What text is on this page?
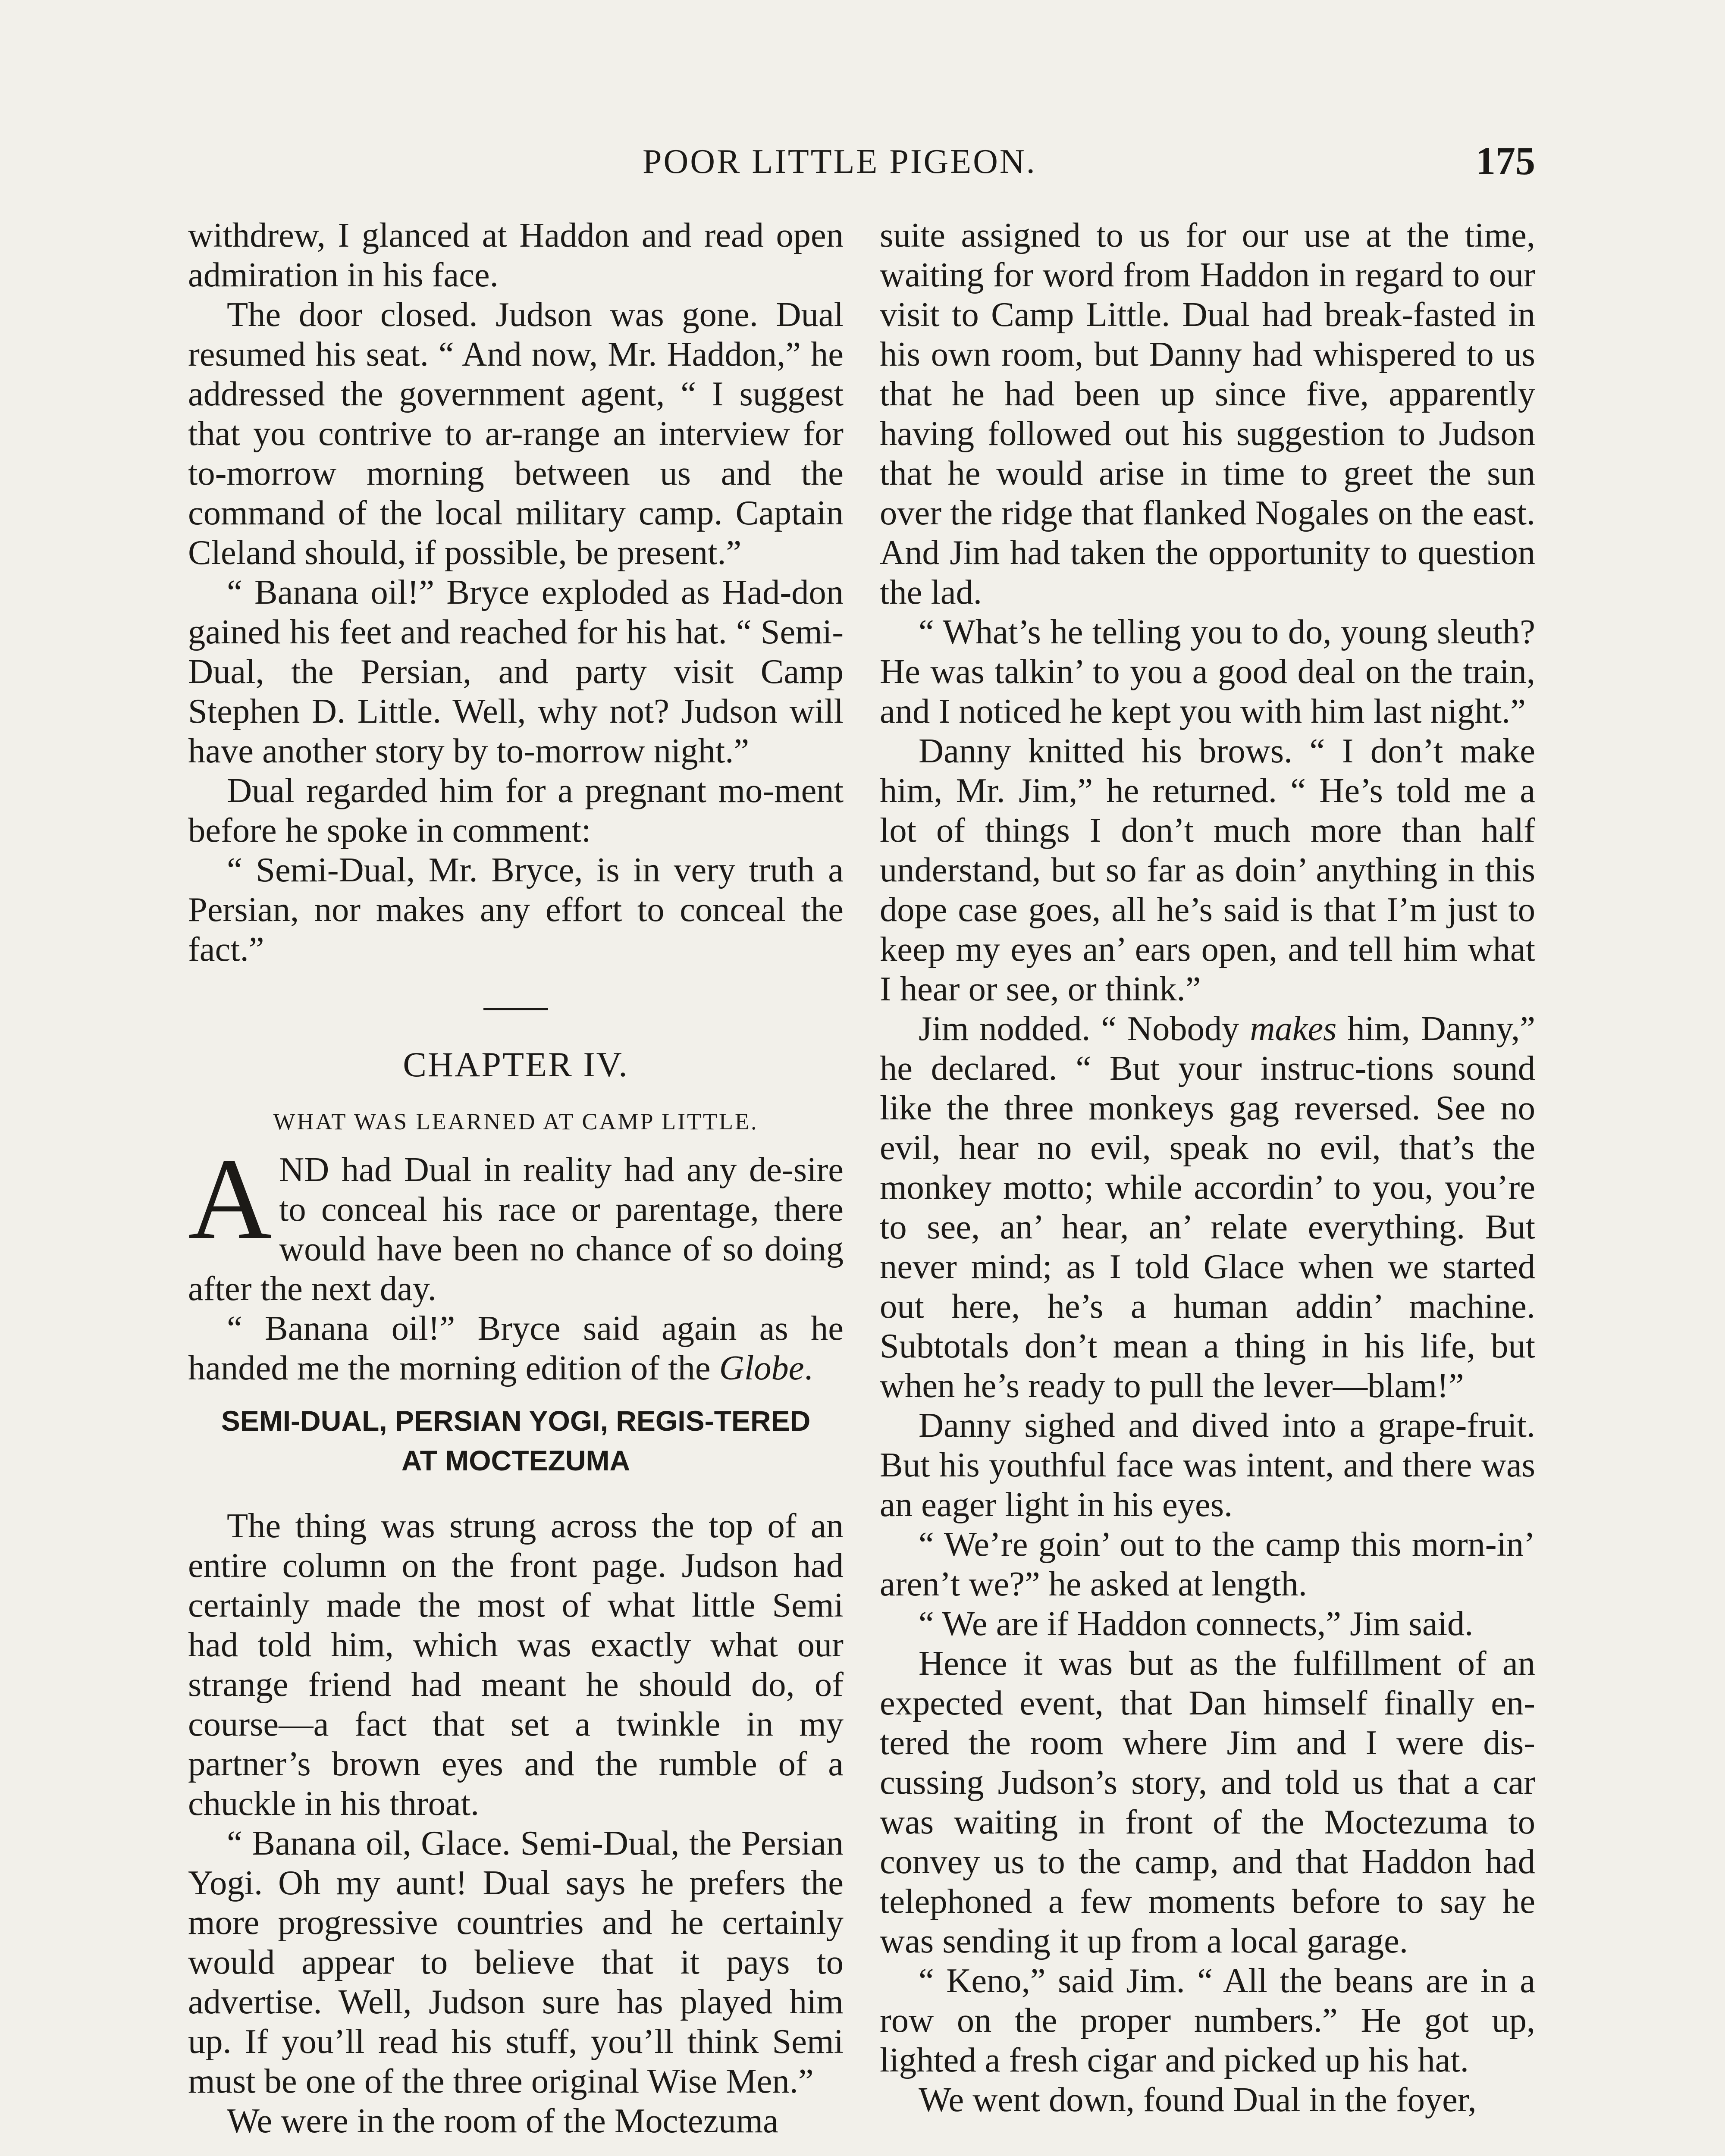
POOR LITTLE PIGEON.	175

withdrew, I glanced at Haddon and read open admiration in his face.

The door closed. Judson was gone. Dual resumed his seat. “ And now, Mr. Haddon,” he addressed the government agent, “ I suggest that you contrive to ar-range an interview for to-morrow morning between us and the command of the local military camp. Captain Cleland should, if possible, be present.”

“ Banana oil!” Bryce exploded as Had-don gained his feet and reached for his hat. “ Semi-Dual, the Persian, and party visit Camp Stephen D. Little. Well, why not? Judson will have another story by to-morrow night.”

Dual regarded him for a pregnant mo-ment before he spoke in comment:

“ Semi-Dual, Mr. Bryce, is in very truth a Persian, nor makes any effort to conceal the fact.”

CHAPTER IV.
WHAT WAS LEARNED AT CAMP LITTLE.

AND had Dual in reality had any de-sire to conceal his race or parentage, there would have been no chance of so doing after the next day.

“ Banana oil!” Bryce said again as he handed me the morning edition of the Globe.

SEMI-DUAL, PERSIAN YOGI, REGIS-TERED AT MOCTEZUMA

The thing was strung across the top of an entire column on the front page. Judson had certainly made the most of what little Semi had told him, which was exactly what our strange friend had meant he should do, of course—a fact that set a twinkle in my partner’s brown eyes and the rumble of a chuckle in his throat.

“ Banana oil, Glace. Semi-Dual, the Persian Yogi. Oh my aunt! Dual says he prefers the more progressive countries and he certainly would appear to believe that it pays to advertise. Well, Judson sure has played him up. If you’ll read his stuff, you’ll think Semi must be one of the three original Wise Men.”

We were in the room of the Moctezuma

suite assigned to us for our use at the time, waiting for word from Haddon in regard to our visit to Camp Little. Dual had break-fasted in his own room, but Danny had whispered to us that he had been up since five, apparently having followed out his suggestion to Judson that he would arise in time to greet the sun over the ridge that flanked Nogales on the east. And Jim had taken the opportunity to question the lad.

“ What’s he telling you to do, young sleuth? He was talkin’ to you a good deal on the train, and I noticed he kept you with him last night.”

Danny knitted his brows. “ I don’t make him, Mr. Jim,” he returned. “ He’s told me a lot of things I don’t much more than half understand, but so far as doin’ anything in this dope case goes, all he’s said is that I’m just to keep my eyes an’ ears open, and tell him what I hear or see, or think.”

Jim nodded. “ Nobody makes him, Danny,” he declared. “ But your instruc-tions sound like the three monkeys gag reversed. See no evil, hear no evil, speak no evil, that’s the monkey motto; while accordin’ to you, you’re to see, an’ hear, an’ relate everything. But never mind; as I told Glace when we started out here, he’s a human addin’ machine. Subtotals don’t mean a thing in his life, but when he’s ready to pull the lever—blam!”

Danny sighed and dived into a grape-fruit. But his youthful face was intent, and there was an eager light in his eyes.

“ We’re goin’ out to the camp this morn-in’ aren’t we?” he asked at length.

“ We are if Haddon connects,” Jim said.

Hence it was but as the fulfillment of an expected event, that Dan himself finally en-tered the room where Jim and I were dis-cussing Judson’s story, and told us that a car was waiting in front of the Moctezuma to convey us to the camp, and that Haddon had telephoned a few moments before to say he was sending it up from a local garage.

“ Keno,” said Jim. “ All the beans are in a row on the proper numbers.” He got up, lighted a fresh cigar and picked up his hat.

We went down, found Dual in the foyer,
